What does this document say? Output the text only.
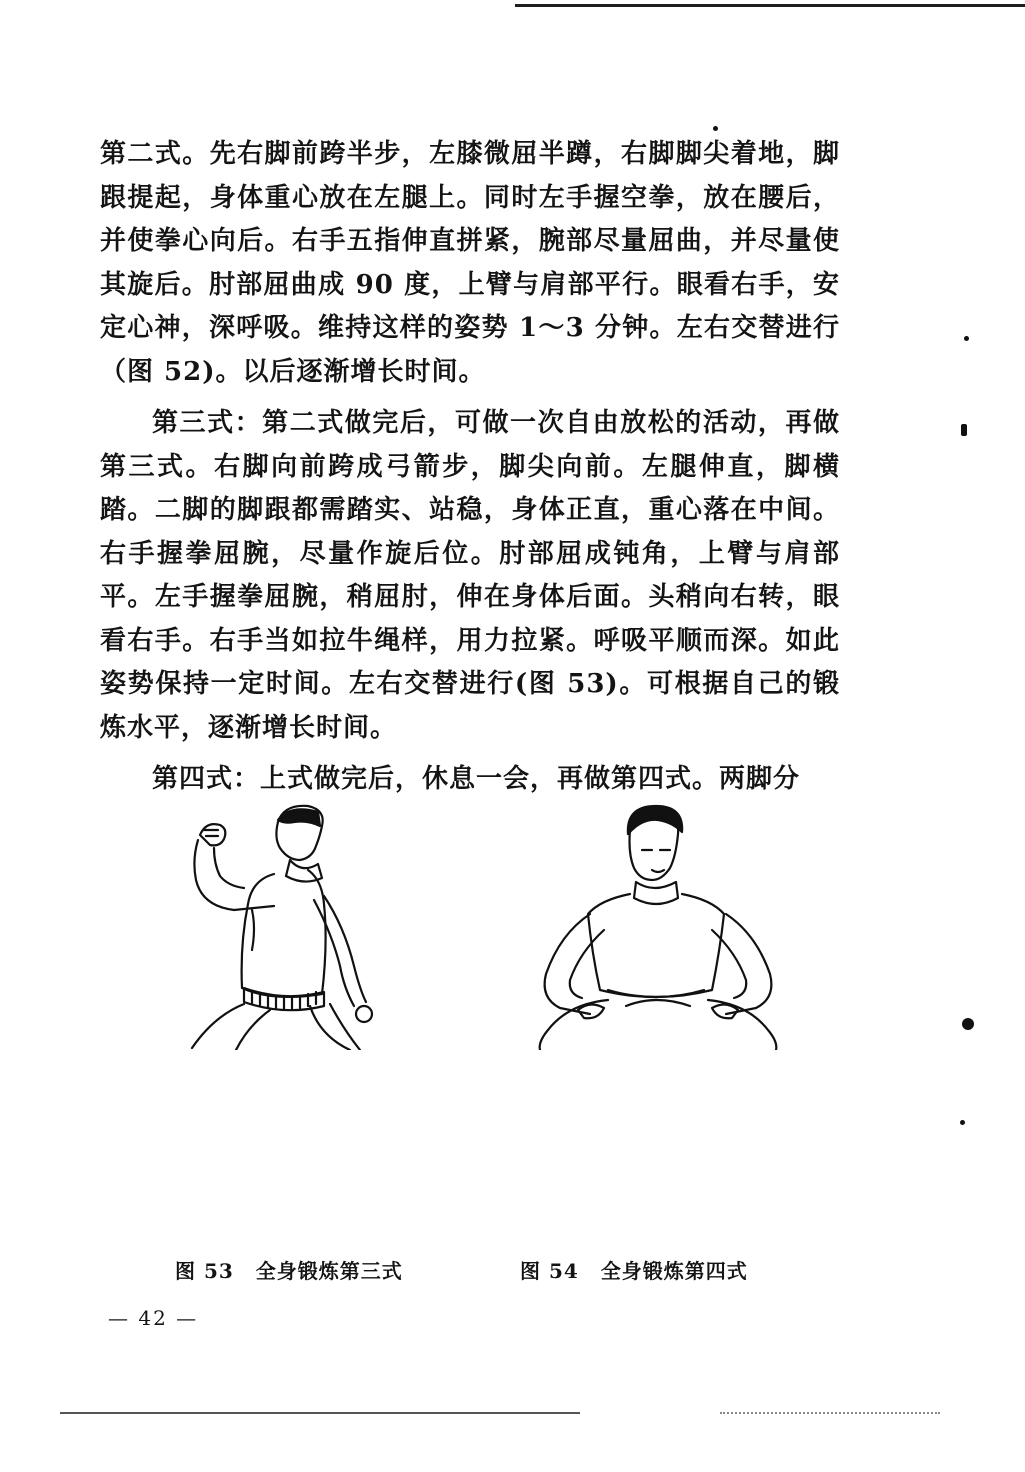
第二式。先右脚前跨半步，左膝微屈半蹲，右脚脚尖着地，脚跟提起，身体重心放在左腿上。同时左手握空拳，放在腰后，并使拳心向后。右手五指伸直拼紧，腕部尽量屈曲，并尽量使其旋后。肘部屈曲成 90 度，上臂与肩部平行。眼看右手，安定心神，深呼吸。维持这样的姿势 1～3 分钟。左右交替进行（图 52)。以后逐渐增长时间。

第三式：第二式做完后，可做一次自由放松的活动，再做第三式。右脚向前跨成弓箭步，脚尖向前。左腿伸直，脚横踏。二脚的脚跟都需踏实、站稳，身体正直，重心落在中间。右手握拳屈腕，尽量作旋后位。肘部屈成钝角，上臂与肩部平。左手握拳屈腕，稍屈肘，伸在身体后面。头稍向右转，眼看右手。右手当如拉牛绳样，用力拉紧。呼吸平顺而深。如此姿势保持一定时间。左右交替进行(图 53)。可根据自己的锻炼水平，逐渐增长时间。

第四式：上式做完后，休息一会，再做第四式。两脚分

图 53 全身锻炼第三式	图 54 全身锻炼第四式
— 42 —
